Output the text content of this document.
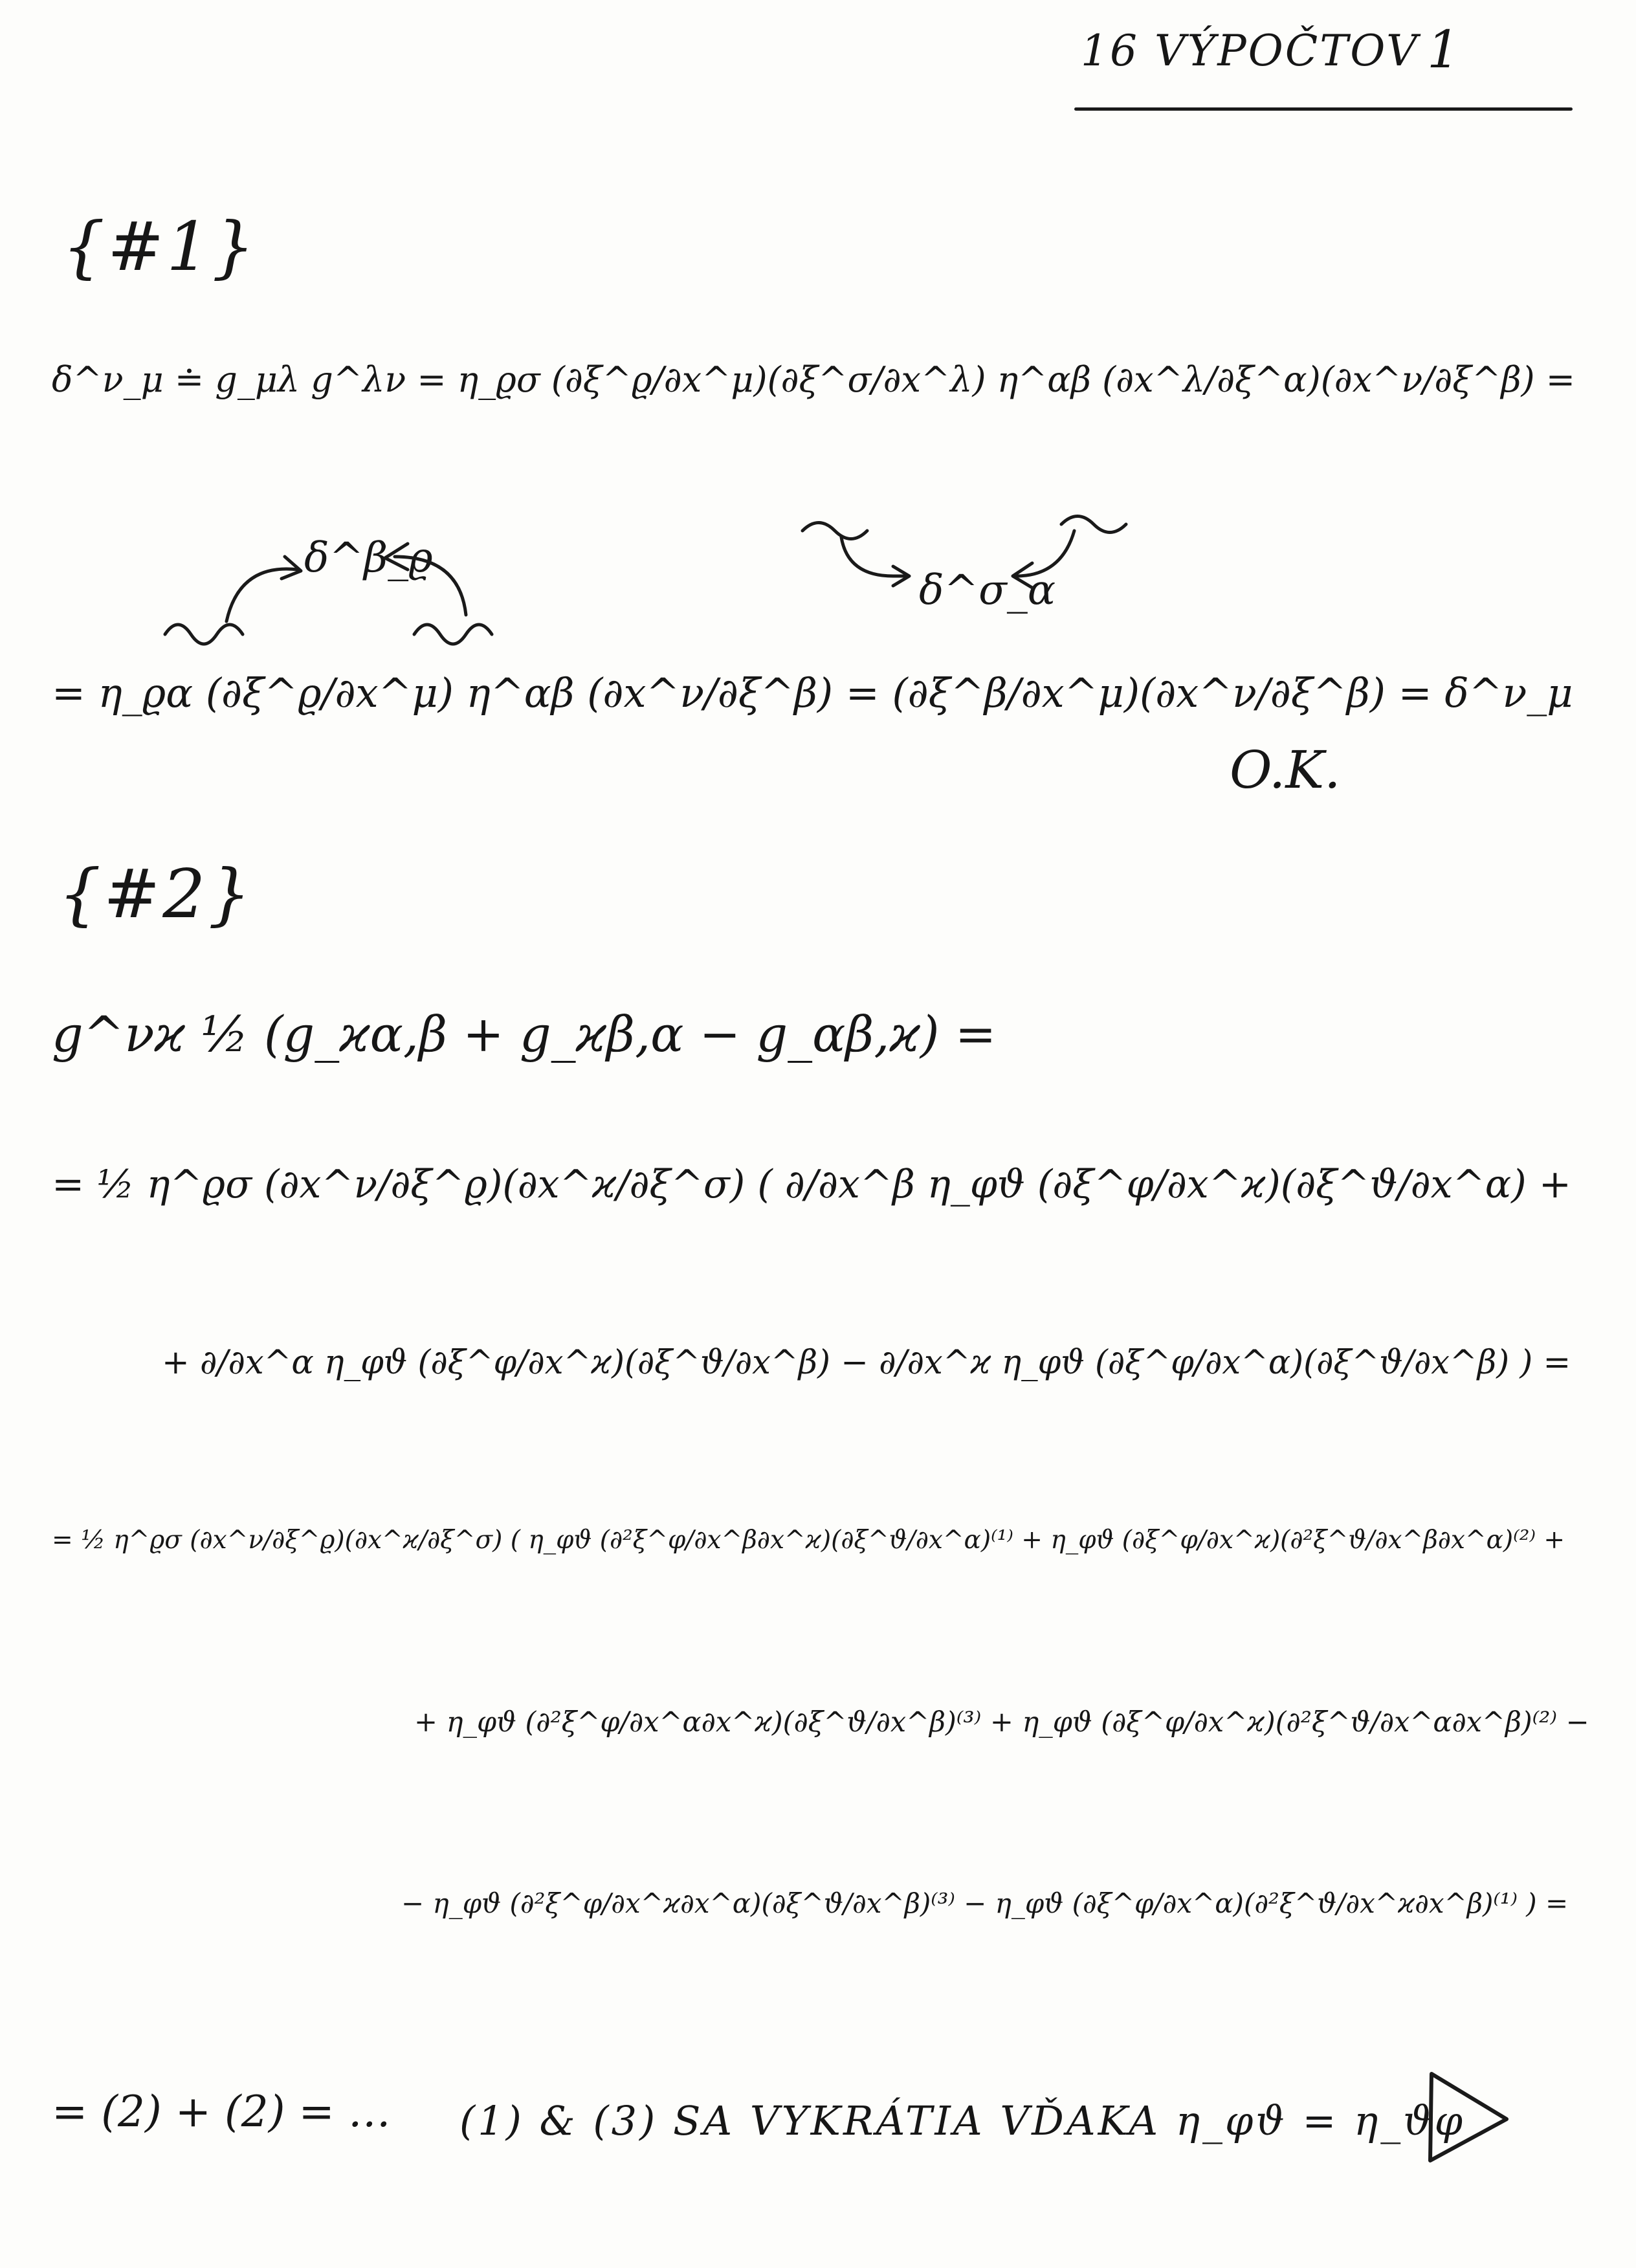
16 VÝPOČTOV 1
{#1}
δ^ν_μ ≐ g_μλ g^λν = η_ϱσ (∂ξ^ϱ/∂x^μ)(∂ξ^σ/∂x^λ) η^αβ (∂x^λ/∂ξ^α)(∂x^ν/∂ξ^β) =
δ^β_ϱ
δ^σ_α
= η_ϱα (∂ξ^ϱ/∂x^μ) η^αβ (∂x^ν/∂ξ^β) = (∂ξ^β/∂x^μ)(∂x^ν/∂ξ^β) = δ^ν_μ
O.K.
{#2}
g^νϰ ½ (g_ϰα,β + g_ϰβ,α − g_αβ,ϰ) =
= ½ η^ϱσ (∂x^ν/∂ξ^ϱ)(∂x^ϰ/∂ξ^σ) ( ∂/∂x^β η_φϑ (∂ξ^φ/∂x^ϰ)(∂ξ^ϑ/∂x^α) +
+ ∂/∂x^α η_φϑ (∂ξ^φ/∂x^ϰ)(∂ξ^ϑ/∂x^β) − ∂/∂x^ϰ η_φϑ (∂ξ^φ/∂x^α)(∂ξ^ϑ/∂x^β) ) =
= ½ η^ϱσ (∂x^ν/∂ξ^ϱ)(∂x^ϰ/∂ξ^σ) ( η_φϑ (∂²ξ^φ/∂x^β∂x^ϰ)(∂ξ^ϑ/∂x^α)⁽¹⁾ + η_φϑ (∂ξ^φ/∂x^ϰ)(∂²ξ^ϑ/∂x^β∂x^α)⁽²⁾ +
+ η_φϑ (∂²ξ^φ/∂x^α∂x^ϰ)(∂ξ^ϑ/∂x^β)⁽³⁾ + η_φϑ (∂ξ^φ/∂x^ϰ)(∂²ξ^ϑ/∂x^α∂x^β)⁽²⁾ −
− η_φϑ (∂²ξ^φ/∂x^ϰ∂x^α)(∂ξ^ϑ/∂x^β)⁽³⁾ − η_φϑ (∂ξ^φ/∂x^α)(∂²ξ^ϑ/∂x^ϰ∂x^β)⁽¹⁾ ) =
= (2) + (2) = … (1) & (3) SA VYKRÁTIA VĎAKA η_φϑ = η_ϑφ
